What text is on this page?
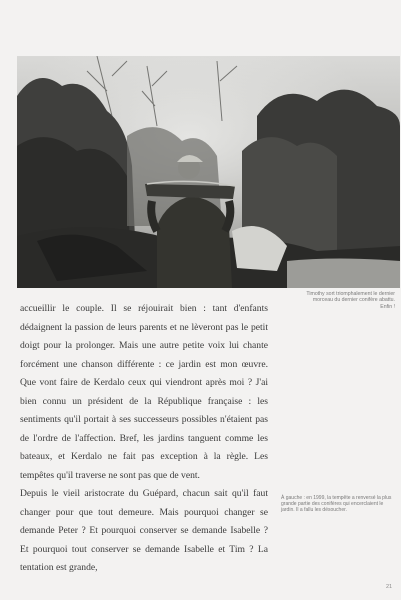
Timothy sort triomphalement le dernier morceau du dernier conifère abattu. Enfin !

accueillir le couple. Il se réjouirait bien : tant d'enfants dédaignent la passion de leurs parents et ne lèveront pas le petit doigt pour la prolonger. Mais une autre petite voix lui chante forcément une chanson différente : ce jardin est mon œuvre. Que vont faire de Kerdalo ceux qui viendront après moi ? J'ai bien connu un président de la République française : les sentiments qu'il portait à ses successeurs possibles n'étaient pas de l'ordre de l'affection. Bref, les jardins tanguent comme les bateaux, et Kerdalo ne fait pas exception à la règle. Les tempêtes qu'il traverse ne sont pas que de vent.

Depuis le vieil aristocrate du Guépard, chacun sait qu'il faut changer pour que tout demeure. Mais pourquoi changer se demande Peter ? Et pourquoi conserver se demande Isabelle ? Et pourquoi tout conserver se demande Isabelle et Tim ? La tentation est grande,

À gauche : en 1999, la tempête a renversé la plus grande partie des conifères qui encerclaient le jardin. Il a fallu les désoucher.
21
